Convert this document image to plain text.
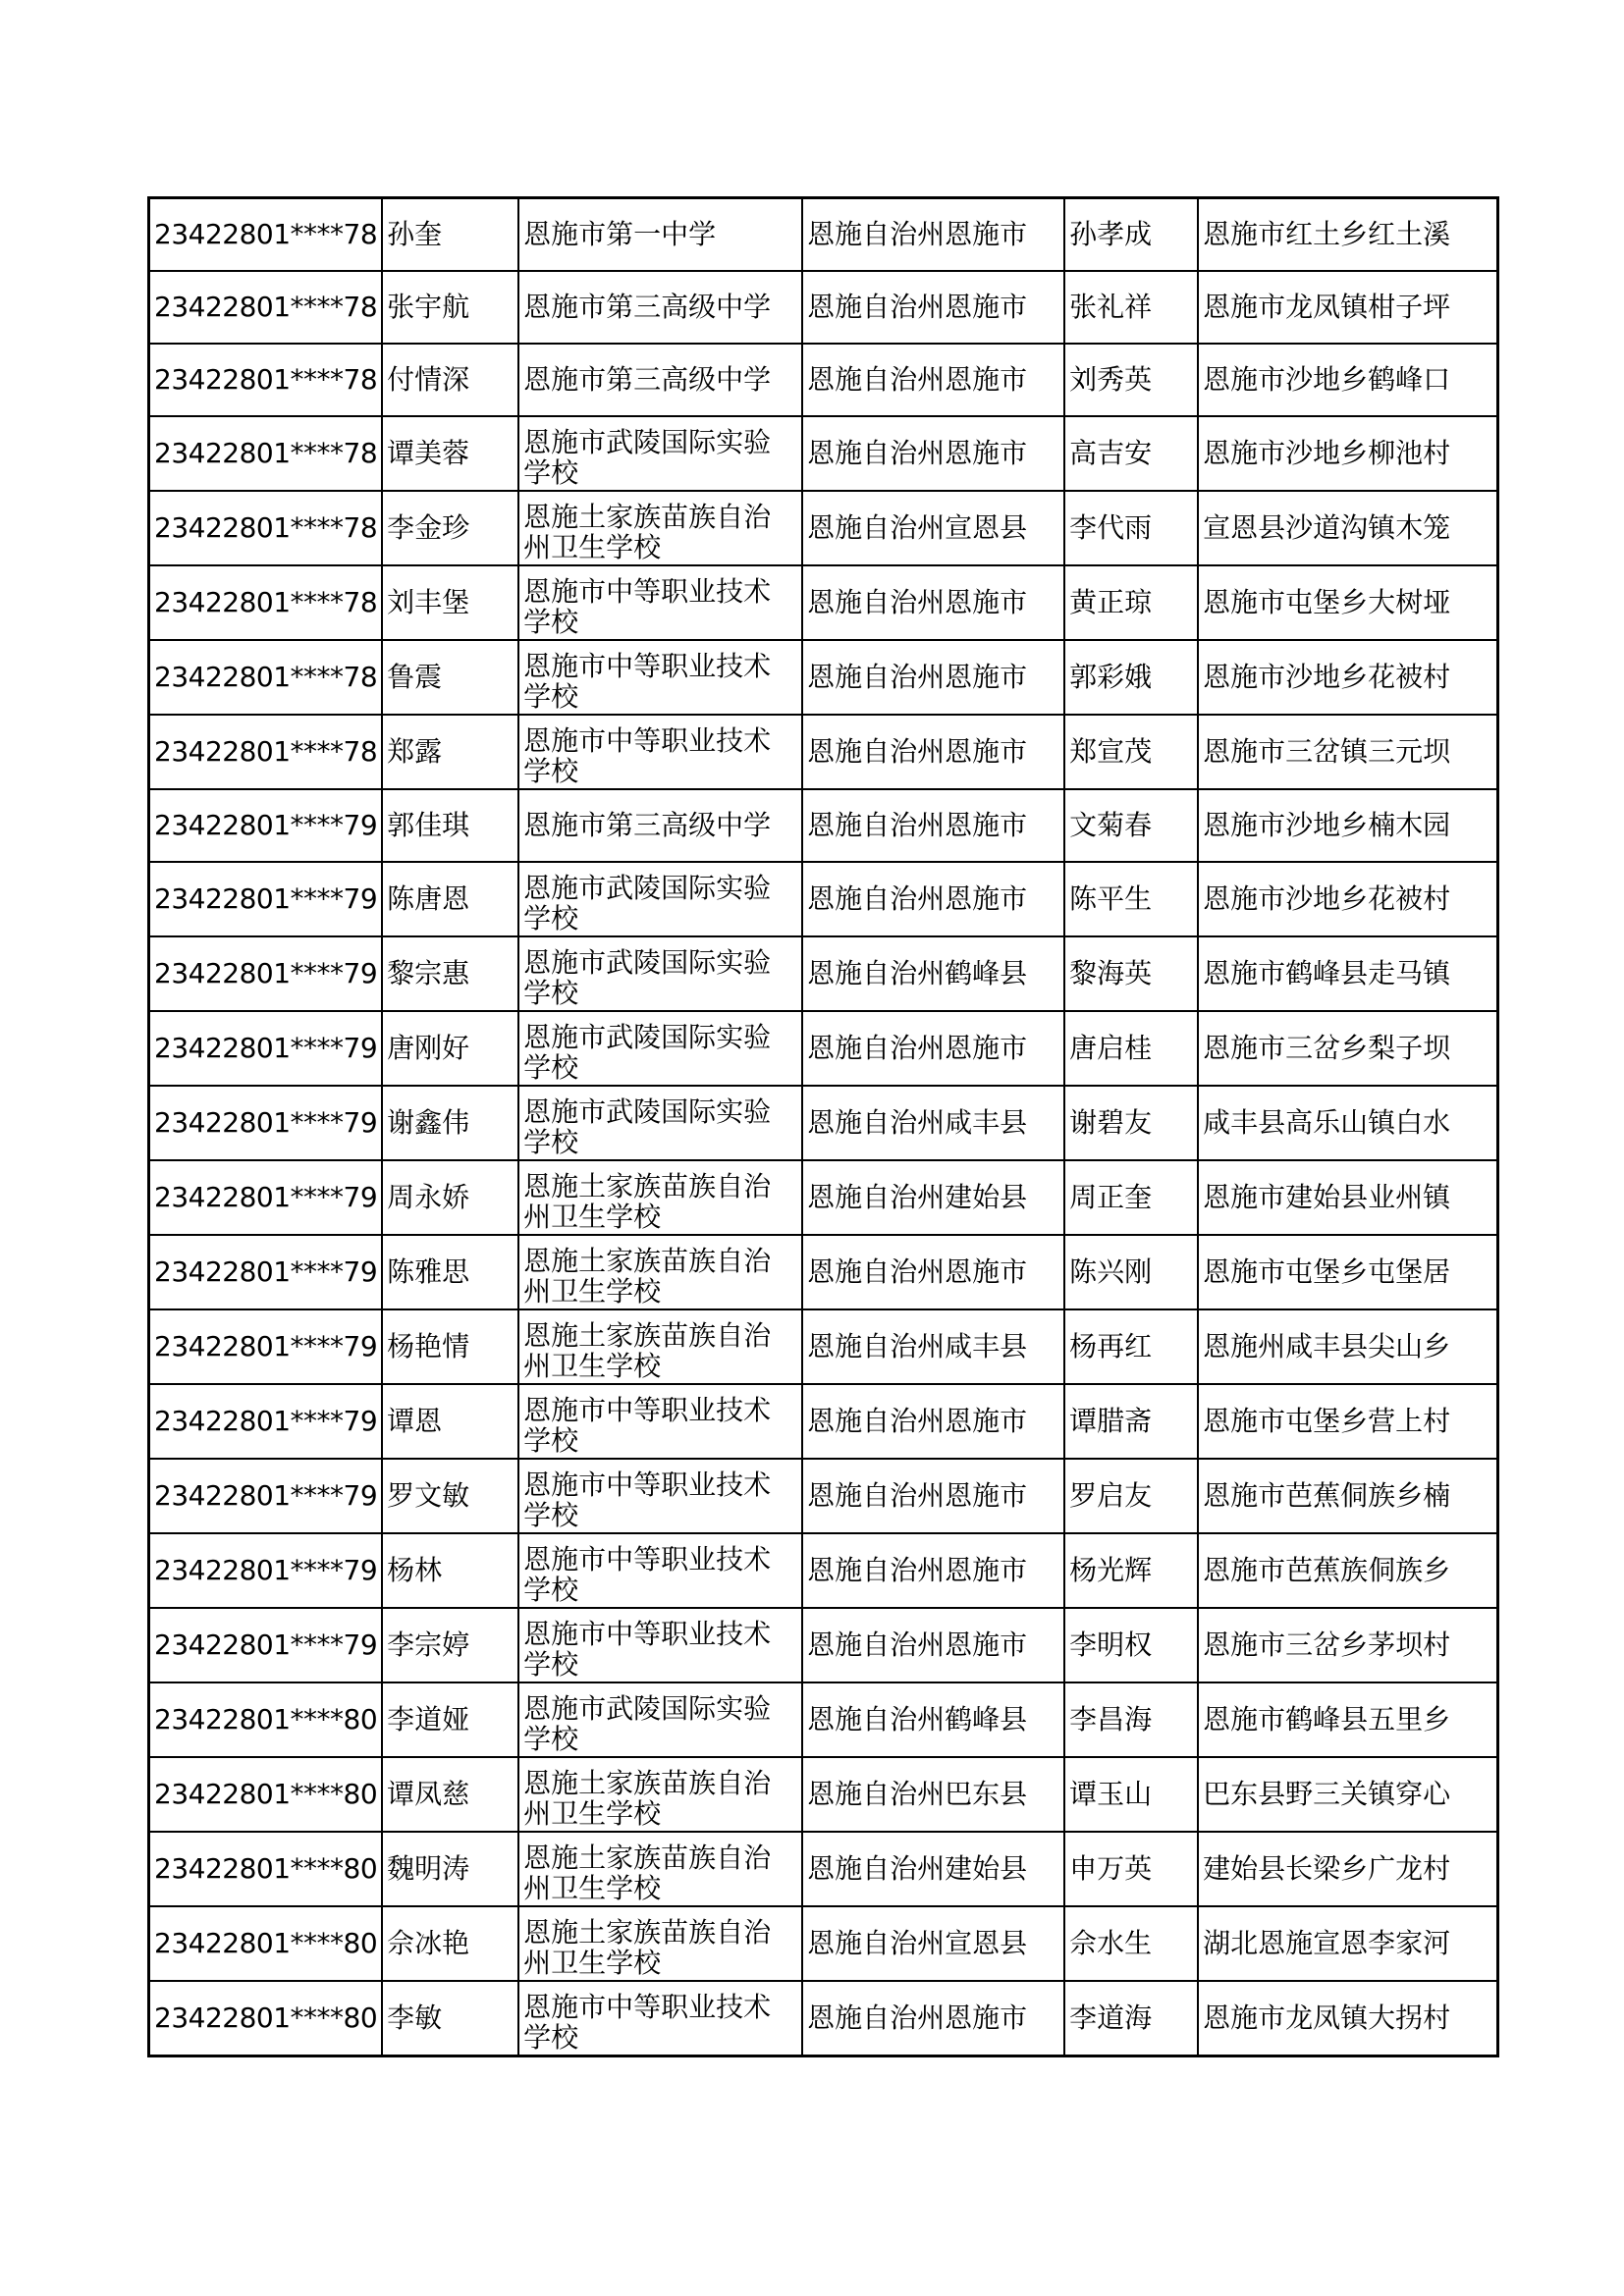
23422801****78	孙奎	恩施市第一中学	恩施自治州恩施市	孙孝成	恩施市红土乡红土溪
23422801****78	张宇航	恩施市第三高级中学	恩施自治州恩施市	张礼祥	恩施市龙凤镇柑子坪
23422801****78	付情深	恩施市第三高级中学	恩施自治州恩施市	刘秀英	恩施市沙地乡鹤峰口
23422801****78	谭美蓉	恩施市武陵国际实验学校	恩施自治州恩施市	高吉安	恩施市沙地乡柳池村
23422801****78	李金珍	恩施土家族苗族自治州卫生学校	恩施自治州宣恩县	李代雨	宣恩县沙道沟镇木笼
23422801****78	刘丰堡	恩施市中等职业技术学校	恩施自治州恩施市	黄正琼	恩施市屯堡乡大树垭
23422801****78	鲁震	恩施市中等职业技术学校	恩施自治州恩施市	郭彩娥	恩施市沙地乡花被村
23422801****78	郑露	恩施市中等职业技术学校	恩施自治州恩施市	郑宣茂	恩施市三岔镇三元坝
23422801****79	郭佳琪	恩施市第三高级中学	恩施自治州恩施市	文菊春	恩施市沙地乡楠木园
23422801****79	陈唐恩	恩施市武陵国际实验学校	恩施自治州恩施市	陈平生	恩施市沙地乡花被村
23422801****79	黎宗惠	恩施市武陵国际实验学校	恩施自治州鹤峰县	黎海英	恩施市鹤峰县走马镇
23422801****79	唐刚好	恩施市武陵国际实验学校	恩施自治州恩施市	唐启桂	恩施市三岔乡梨子坝
23422801****79	谢鑫伟	恩施市武陵国际实验学校	恩施自治州咸丰县	谢碧友	咸丰县高乐山镇白水
23422801****79	周永娇	恩施土家族苗族自治州卫生学校	恩施自治州建始县	周正奎	恩施市建始县业州镇
23422801****79	陈雅思	恩施土家族苗族自治州卫生学校	恩施自治州恩施市	陈兴刚	恩施市屯堡乡屯堡居
23422801****79	杨艳情	恩施土家族苗族自治州卫生学校	恩施自治州咸丰县	杨再红	恩施州咸丰县尖山乡
23422801****79	谭恩	恩施市中等职业技术学校	恩施自治州恩施市	谭腊斋	恩施市屯堡乡营上村
23422801****79	罗文敏	恩施市中等职业技术学校	恩施自治州恩施市	罗启友	恩施市芭蕉侗族乡楠
23422801****79	杨林	恩施市中等职业技术学校	恩施自治州恩施市	杨光辉	恩施市芭蕉族侗族乡
23422801****79	李宗婷	恩施市中等职业技术学校	恩施自治州恩施市	李明权	恩施市三岔乡茅坝村
23422801****80	李道娅	恩施市武陵国际实验学校	恩施自治州鹤峰县	李昌海	恩施市鹤峰县五里乡
23422801****80	谭凤慈	恩施土家族苗族自治州卫生学校	恩施自治州巴东县	谭玉山	巴东县野三关镇穿心
23422801****80	魏明涛	恩施土家族苗族自治州卫生学校	恩施自治州建始县	申万英	建始县长梁乡广龙村
23422801****80	佘冰艳	恩施土家族苗族自治州卫生学校	恩施自治州宣恩县	佘水生	湖北恩施宣恩李家河
23422801****80	李敏	恩施市中等职业技术学校	恩施自治州恩施市	李道海	恩施市龙凤镇大拐村
